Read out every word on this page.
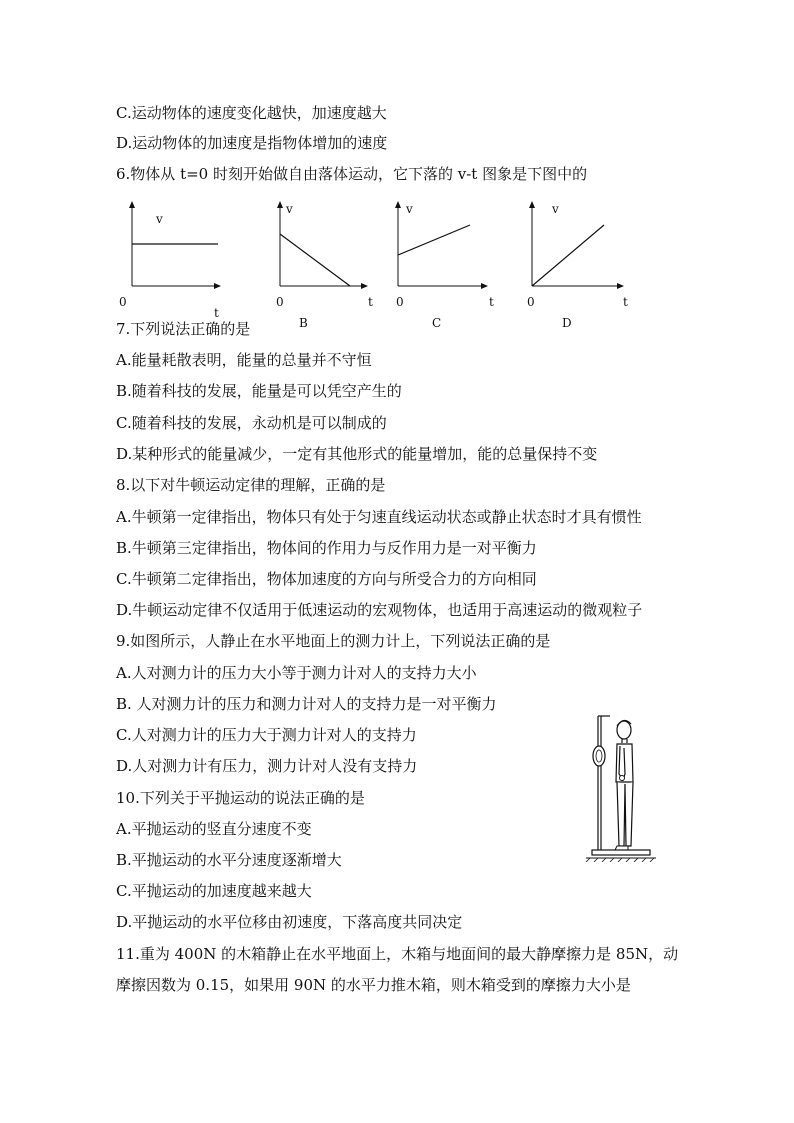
C.运动物体的速度变化越快，加速度越大
D.运动物体的加速度是指物体增加的速度
6.物体从 t=0 时刻开始做自由落体运动，它下落的 v-t 图象是下图中的
v
0
t
v
0	t
B
v
0	t
C
v
0	t
D
7.下列说法正确的是
A.能量耗散表明，能量的总量并不守恒
B.随着科技的发展，能量是可以凭空产生的
C.随着科技的发展，永动机是可以制成的
D.某种形式的能量减少，一定有其他形式的能量增加，能的总量保持不变
8.以下对牛顿运动定律的理解，正确的是
A.牛顿第一定律指出，物体只有处于匀速直线运动状态或静止状态时才具有惯性
B.牛顿第三定律指出，物体间的作用力与反作用力是一对平衡力
C.牛顿第二定律指出，物体加速度的方向与所受合力的方向相同
D.牛顿运动定律不仅适用于低速运动的宏观物体，也适用于高速运动的微观粒子
9.如图所示，人静止在水平地面上的测力计上，下列说法正确的是
A.人对测力计的压力大小等于测力计对人的支持力大小
B. 人对测力计的压力和测力计对人的支持力是一对平衡力
C.人对测力计的压力大于测力计对人的支持力
D.人对测力计有压力，测力计对人没有支持力
10.下列关于平抛运动的说法正确的是
A.平抛运动的竖直分速度不变
B.平抛运动的水平分速度逐渐增大
C.平抛运动的加速度越来越大
D.平抛运动的水平位移由初速度，下落高度共同决定
11.重为 400N 的木箱静止在水平地面上，木箱与地面间的最大静摩擦力是 85N，动
摩擦因数为 0.15，如果用 90N 的水平力推木箱，则木箱受到的摩擦力大小是
